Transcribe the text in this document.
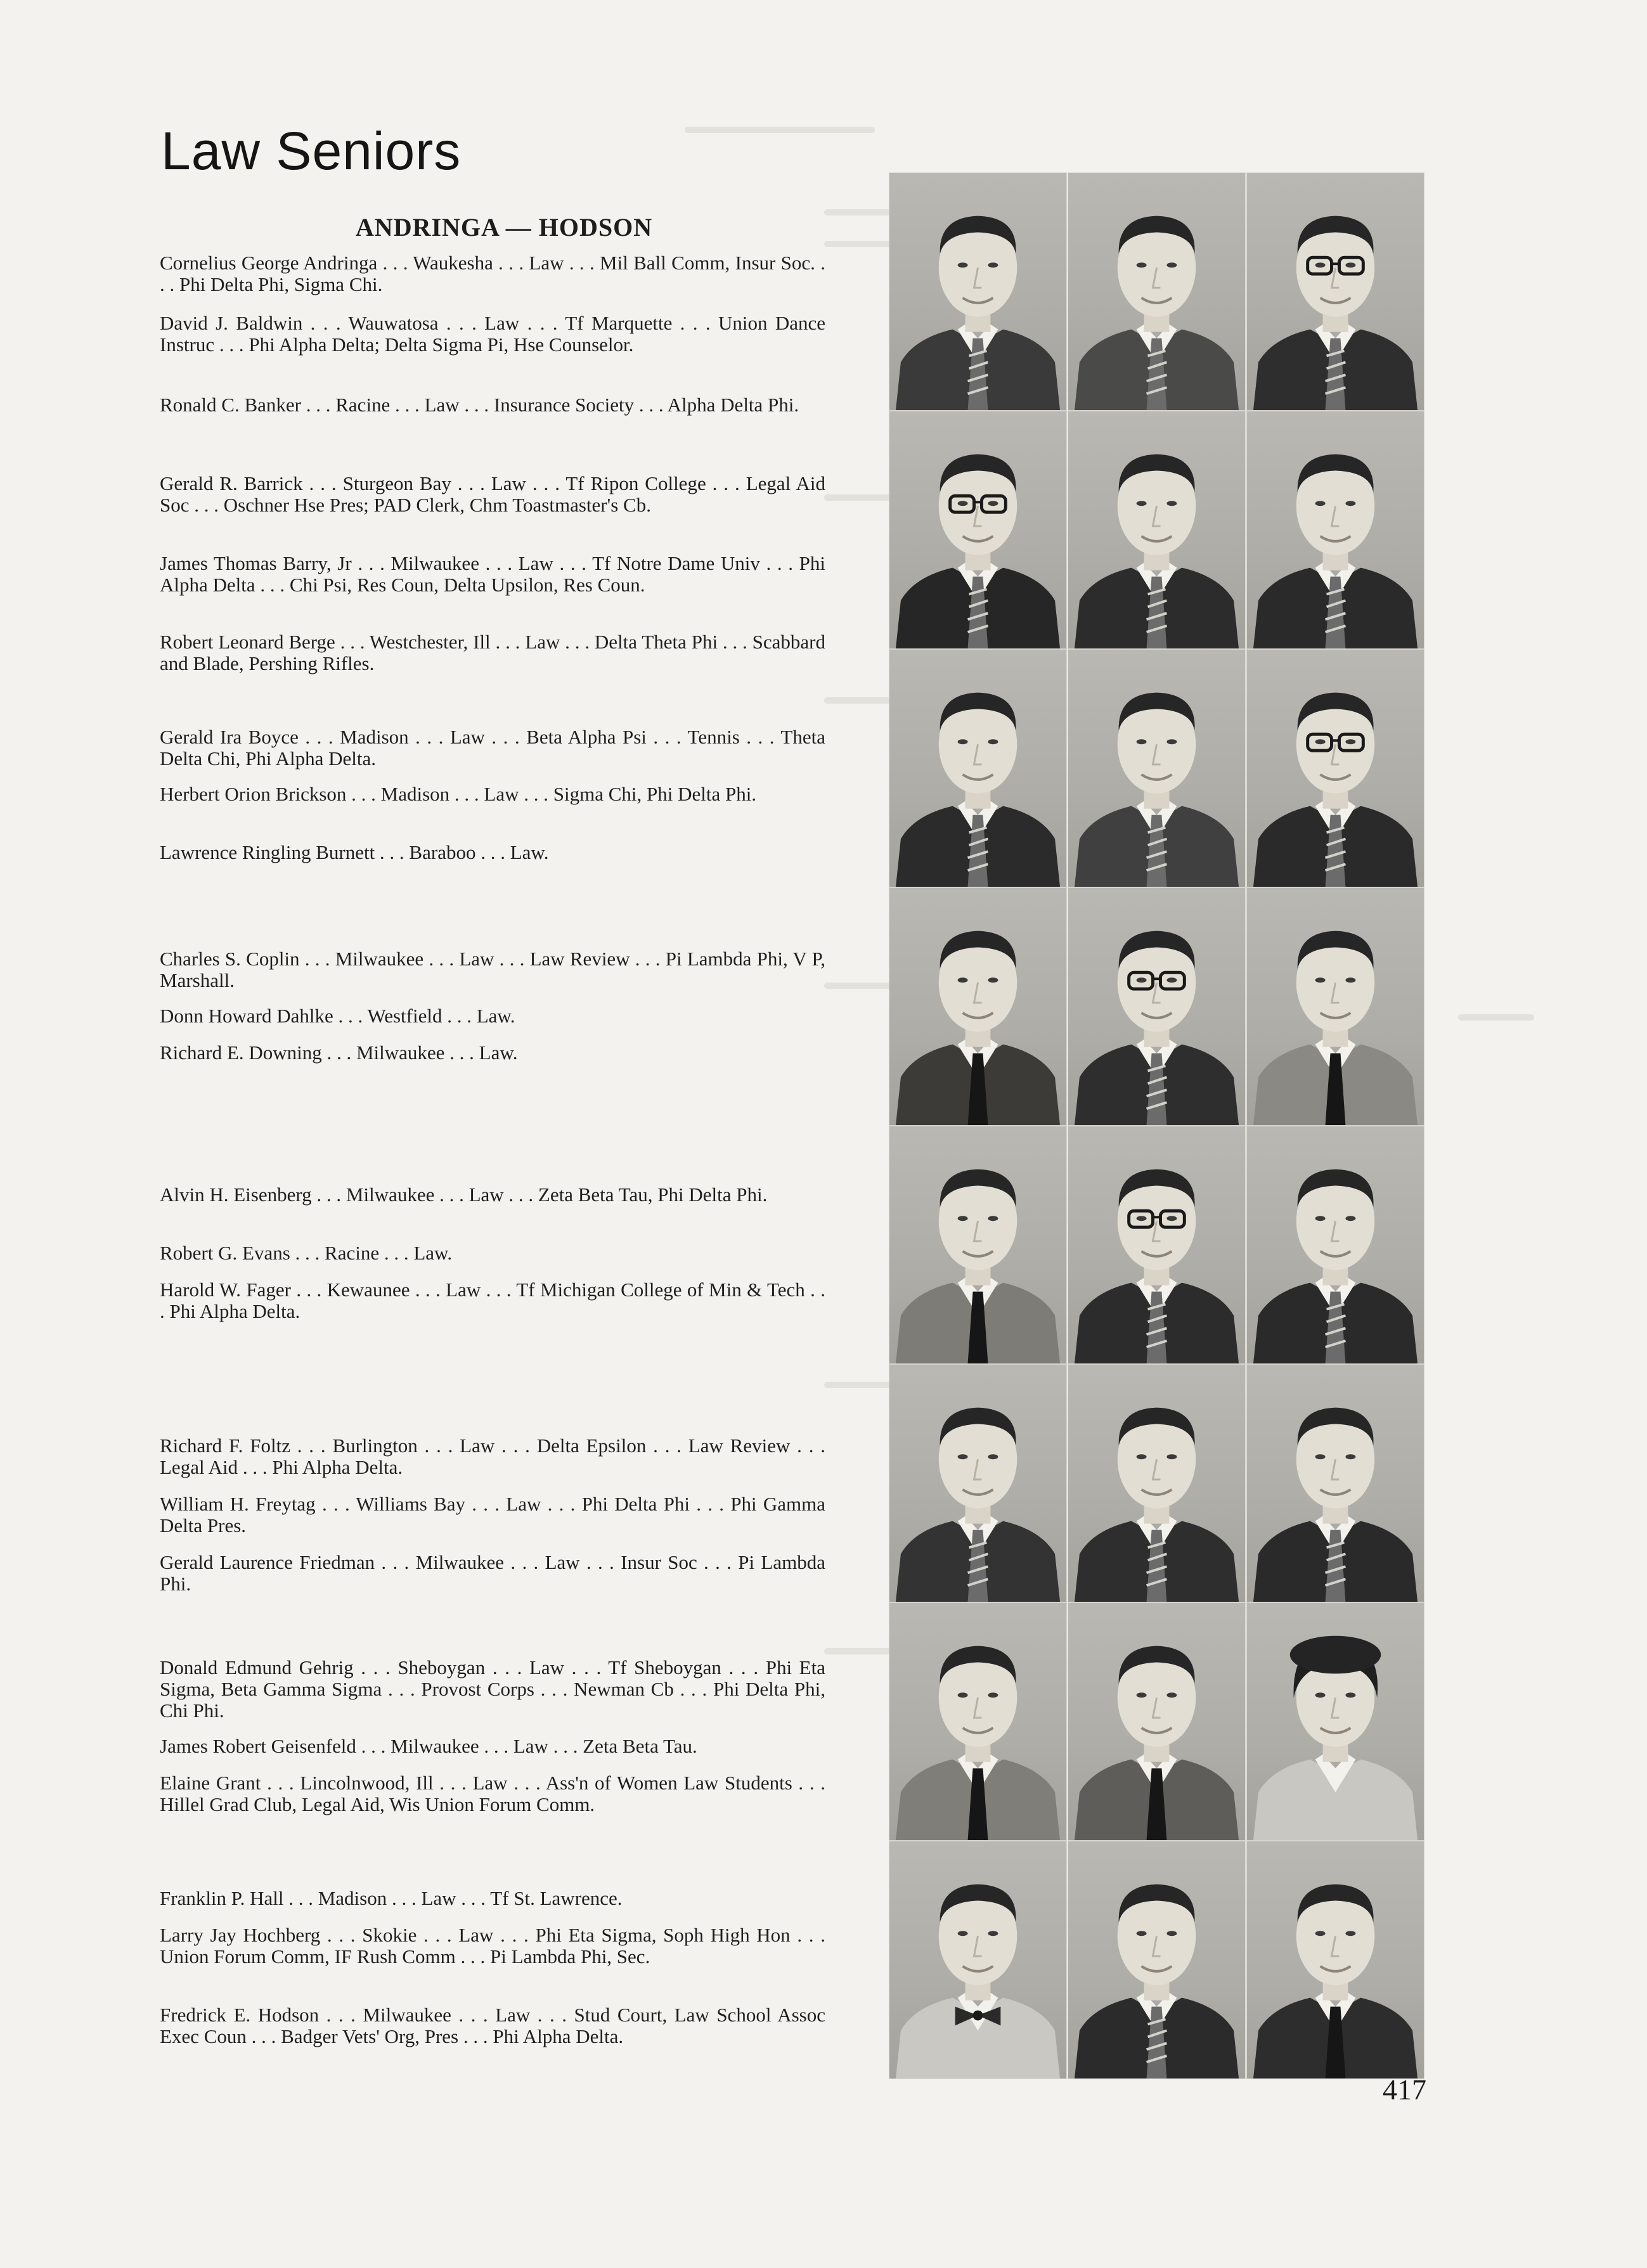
Law Seniors
ANDRINGA — HODSON
Cornelius George Andringa . . . Waukesha . . . Law . . . Mil Ball Comm, Insur Soc. . . . Phi Delta Phi, Sigma Chi.
David J. Baldwin . . . Wauwatosa . . . Law . . . Tf Marquette . . . Union Dance Instruc . . . Phi Alpha Delta; Delta Sigma Pi, Hse Counselor.
Ronald C. Banker . . . Racine . . . Law . . . Insurance Society . . . Alpha Delta Phi.
Gerald R. Barrick . . . Sturgeon Bay . . . Law . . . Tf Ripon College . . . Legal Aid Soc . . . Oschner Hse Pres; PAD Clerk, Chm Toastmaster's Cb.
James Thomas Barry, Jr . . . Milwaukee . . . Law . . . Tf Notre Dame Univ . . . Phi Alpha Delta . . . Chi Psi, Res Coun, Delta Upsilon, Res Coun.
Robert Leonard Berge . . . Westchester, Ill . . . Law . . . Delta Theta Phi . . . Scabbard and Blade, Pershing Rifles.
Gerald Ira Boyce . . . Madison . . . Law . . . Beta Alpha Psi . . . Tennis . . . Theta Delta Chi, Phi Alpha Delta.
Herbert Orion Brickson . . . Madison . . . Law . . . Sigma Chi, Phi Delta Phi.
Lawrence Ringling Burnett . . . Baraboo . . . Law.
Charles S. Coplin . . . Milwaukee . . . Law . . . Law Review . . . Pi Lambda Phi, V P, Marshall.
Donn Howard Dahlke . . . Westfield . . . Law.
Richard E. Downing . . . Milwaukee . . . Law.
Alvin H. Eisenberg . . . Milwaukee . . . Law . . . Zeta Beta Tau, Phi Delta Phi.
Robert G. Evans . . . Racine . . . Law.
Harold W. Fager . . . Kewaunee . . . Law . . . Tf Michigan College of Min & Tech . . . Phi Alpha Delta.
Richard F. Foltz . . . Burlington . . . Law . . . Delta Epsilon . . . Law Review . . . Legal Aid . . . Phi Alpha Delta.
William H. Freytag . . . Williams Bay . . . Law . . . Phi Delta Phi . . . Phi Gamma Delta Pres.
Gerald Laurence Friedman . . . Milwaukee . . . Law . . . Insur Soc . . . Pi Lambda Phi.
Donald Edmund Gehrig . . . Sheboygan . . . Law . . . Tf Sheboygan . . . Phi Eta Sigma, Beta Gamma Sigma . . . Provost Corps . . . Newman Cb . . . Phi Delta Phi, Chi Phi.
James Robert Geisenfeld . . . Milwaukee . . . Law . . . Zeta Beta Tau.
Elaine Grant . . . Lincolnwood, Ill . . . Law . . . Ass'n of Women Law Students . . . Hillel Grad Club, Legal Aid, Wis Union Forum Comm.
Franklin P. Hall . . . Madison . . . Law . . . Tf St. Lawrence.
Larry Jay Hochberg . . . Skokie . . . Law . . . Phi Eta Sigma, Soph High Hon . . . Union Forum Comm, IF Rush Comm . . . Pi Lambda Phi, Sec.
Fredrick E. Hodson . . . Milwaukee . . . Law . . . Stud Court, Law School Assoc Exec Coun . . . Badger Vets' Org, Pres . . . Phi Alpha Delta.
417
